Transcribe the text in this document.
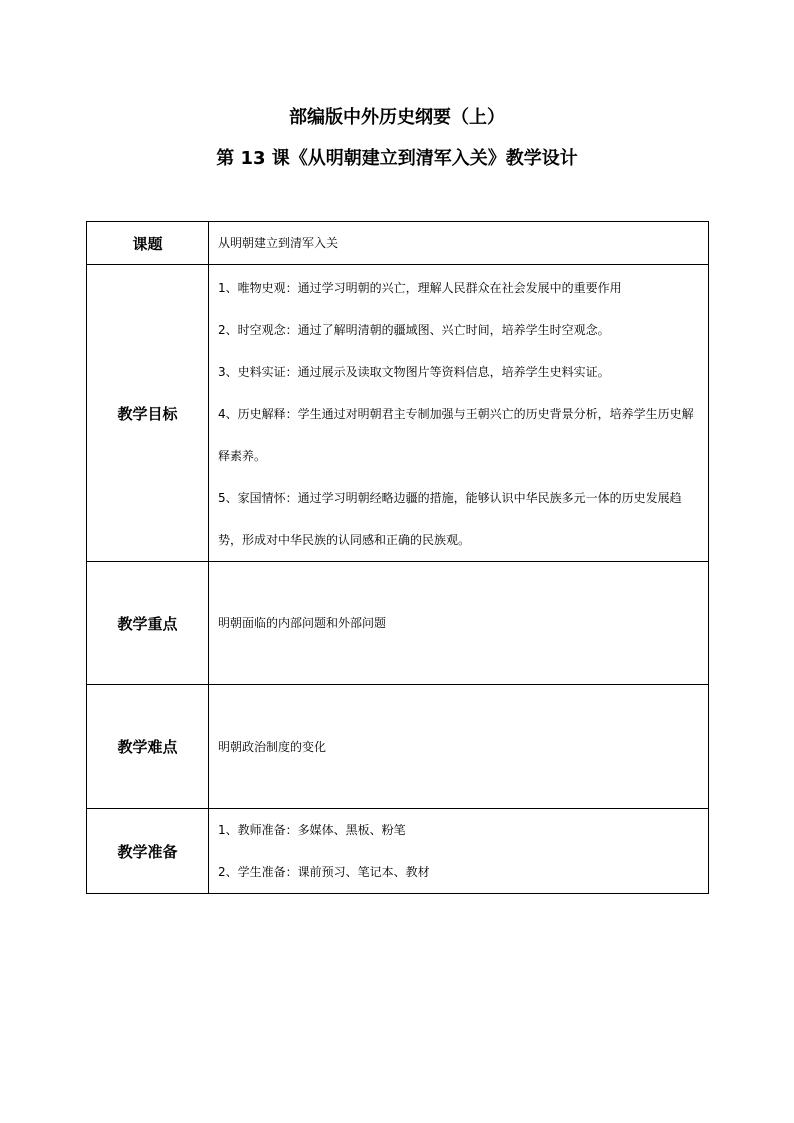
部编版中外历史纲要（上）
第 13 课《从明朝建立到清军入关》教学设计
课题	从明朝建立到清军入关
教学目标	1、唯物史观：通过学习明朝的兴亡，理解人民群众在社会发展中的重要作用
2、时空观念：通过了解明清朝的疆域图、兴亡时间，培养学生时空观念。
3、史料实证：通过展示及读取文物图片等资料信息，培养学生史料实证。
4、历史解释：学生通过对明朝君主专制加强与王朝兴亡的历史背景分析，培养学生历史解释素养。
5、家国情怀：通过学习明朝经略边疆的措施，能够认识中华民族多元一体的历史发展趋势，形成对中华民族的认同感和正确的民族观。

教学重点	明朝面临的内部问题和外部问题
教学难点	明朝政治制度的变化
教学准备	1、教师准备：多媒体、黑板、粉笔
2、学生准备：课前预习、笔记本、教材
